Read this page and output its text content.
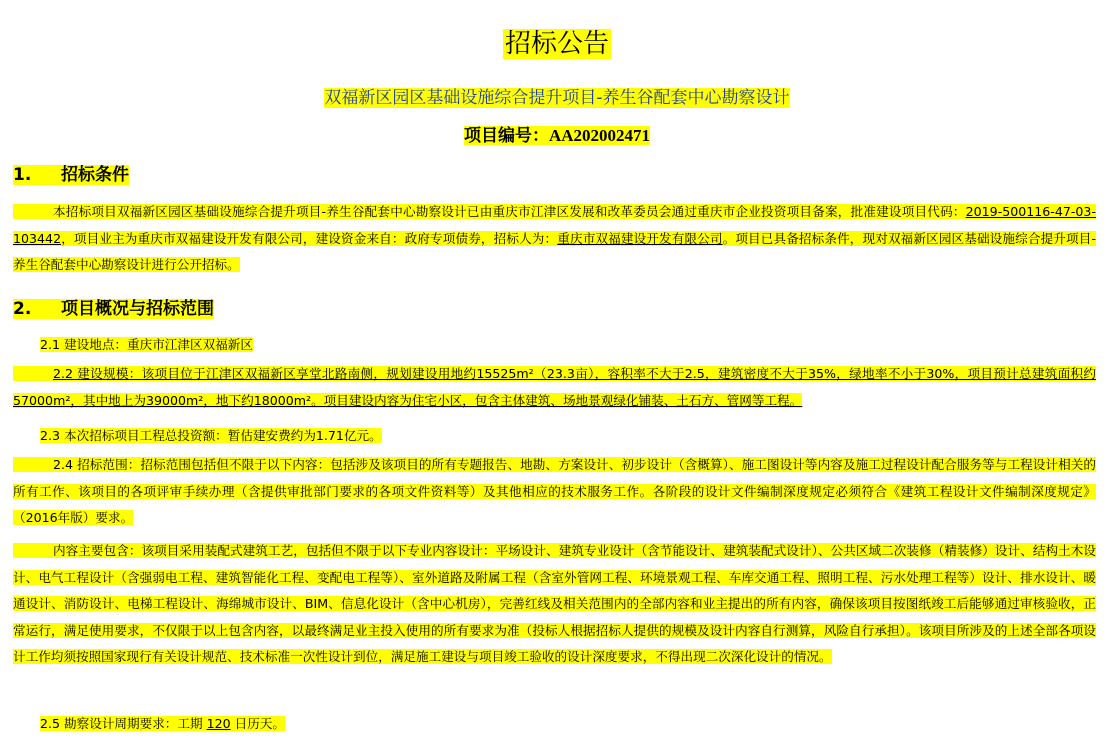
招标公告
双福新区园区基础设施综合提升项目-养生谷配套中心勘察设计
项目编号：AA202002471
1. 招标条件
本招标项目双福新区园区基础设施综合提升项目-养生谷配套中心勘察设计已由重庆市江津区发展和改革委员会通过重庆市企业投资项目备案，批准建设项目代码：2019-500116-47-03-103442，项目业主为重庆市双福建设开发有限公司，建设资金来自：政府专项债券，招标人为：重庆市双福建设开发有限公司。项目已具备招标条件，现对双福新区园区基础设施综合提升项目-养生谷配套中心勘察设计进行公开招标。
2. 项目概况与招标范围
2.1 建设地点：重庆市江津区双福新区
2.2 建设规模：该项目位于江津区双福新区享堂北路南侧，规划建设用地约15525m²（23.3亩），容积率不大于2.5，建筑密度不大于35%，绿地率不小于30%，项目预计总建筑面积约57000m²，其中地上为39000m²，地下约18000m²。项目建设内容为住宅小区，包含主体建筑、场地景观绿化铺装、土石方、管网等工程。
2.3 本次招标项目工程总投资额：暂估建安费约为1.71亿元。
2.4 招标范围：招标范围包括但不限于以下内容：包括涉及该项目的所有专题报告、地勘、方案设计、初步设计（含概算）、施工图设计等内容及施工过程设计配合服务等与工程设计相关的所有工作、该项目的各项评审手续办理（含提供审批部门要求的各项文件资料等）及其他相应的技术服务工作。各阶段的设计文件编制深度规定必须符合《建筑工程设计文件编制深度规定》（2016年版）要求。
内容主要包含：该项目采用装配式建筑工艺，包括但不限于以下专业内容设计：平场设计、建筑专业设计（含节能设计、建筑装配式设计）、公共区域二次装修（精装修）设计、结构土木设计、电气工程设计（含强弱电工程、建筑智能化工程、变配电工程等）、室外道路及附属工程（含室外管网工程、环境景观工程、车库交通工程、照明工程、污水处理工程等）设计、排水设计、暖通设计、消防设计、电梯工程设计、海绵城市设计、BIM、信息化设计（含中心机房），完善红线及相关范围内的全部内容和业主提出的所有内容，确保该项目按图纸竣工后能够通过审核验收，正常运行，满足使用要求，不仅限于以上包含内容，以最终满足业主投入使用的所有要求为准（投标人根据招标人提供的规模及设计内容自行测算，风险自行承担）。该项目所涉及的上述全部各项设计工作均须按照国家现行有关设计规范、技术标准一次性设计到位，满足施工建设与项目竣工验收的设计深度要求，不得出现二次深化设计的情况。
2.5 勘察设计周期要求：工期 120 日历天。
